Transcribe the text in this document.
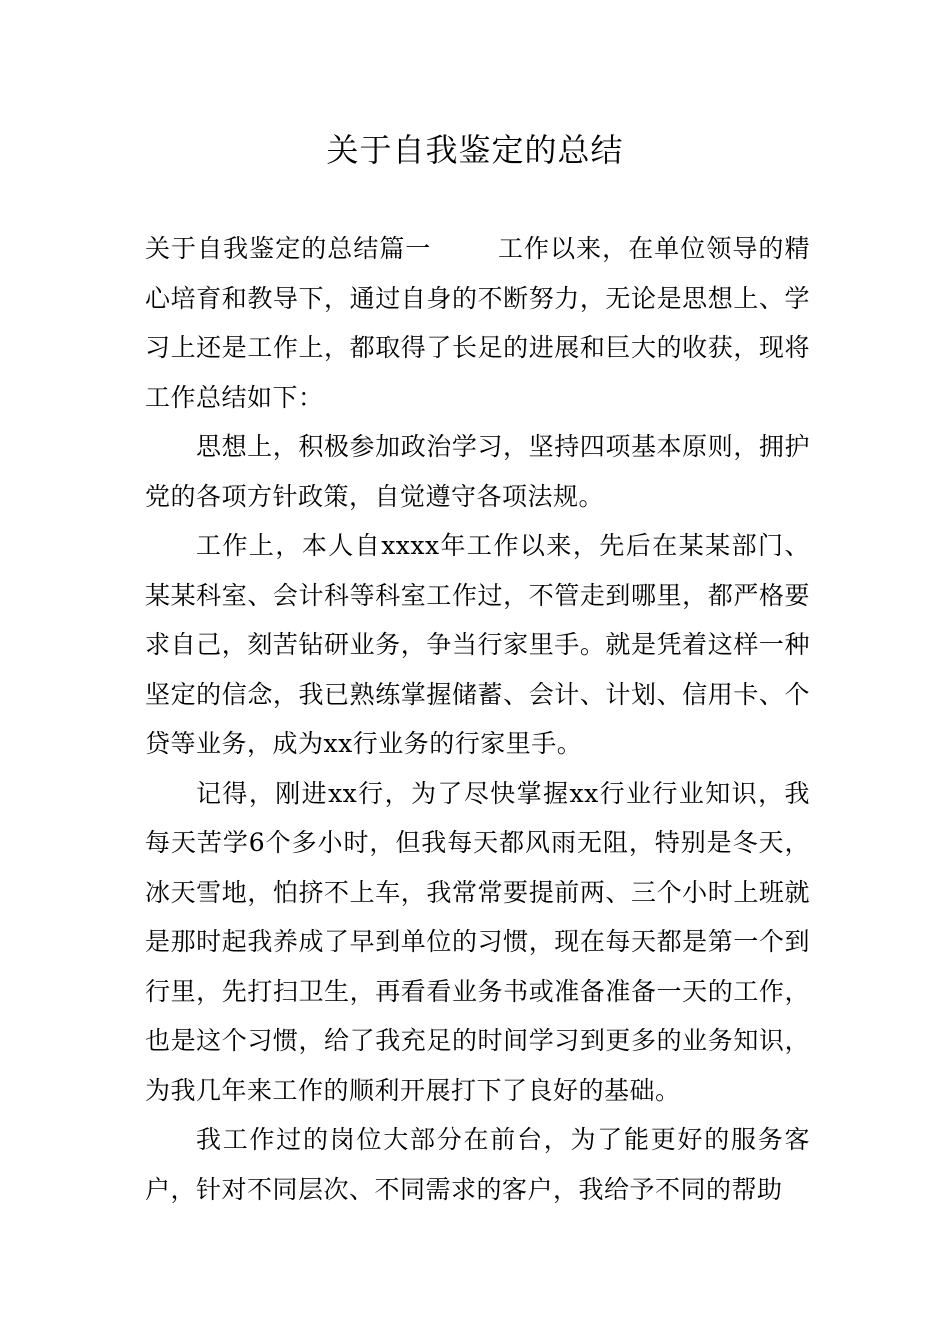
关于自我鉴定的总结

关于自我鉴定的总结篇一	工作以来，在单位领导的精心培育和教导下，通过自身的不断努力，无论是思想上、学习上还是工作上，都取得了长足的进展和巨大的收获，现将工作总结如下：

思想上，积极参加政治学习，坚持四项基本原则，拥护党的各项方针政策，自觉遵守各项法规。

工作上，本人自xxxx年工作以来，先后在某某部门、某某科室、会计科等科室工作过，不管走到哪里，都严格要求自己，刻苦钻研业务，争当行家里手。就是凭着这样一种坚定的信念，我已熟练掌握储蓄、会计、计划、信用卡、个贷等业务，成为xx行业务的行家里手。

记得，刚进xx行，为了尽快掌握xx行业行业知识，我每天苦学6个多小时，但我每天都风雨无阻，特别是冬天，冰天雪地，怕挤不上车，我常常要提前两、三个小时上班就是那时起我养成了早到单位的习惯，现在每天都是第一个到行里，先打扫卫生，再看看业务书或准备准备一天的工作，也是这个习惯，给了我充足的时间学习到更多的业务知识，为我几年来工作的顺利开展打下了良好的基础。

我工作过的岗位大部分在前台，为了能更好的服务客户，针对不同层次、不同需求的客户，我给予不同的帮助
